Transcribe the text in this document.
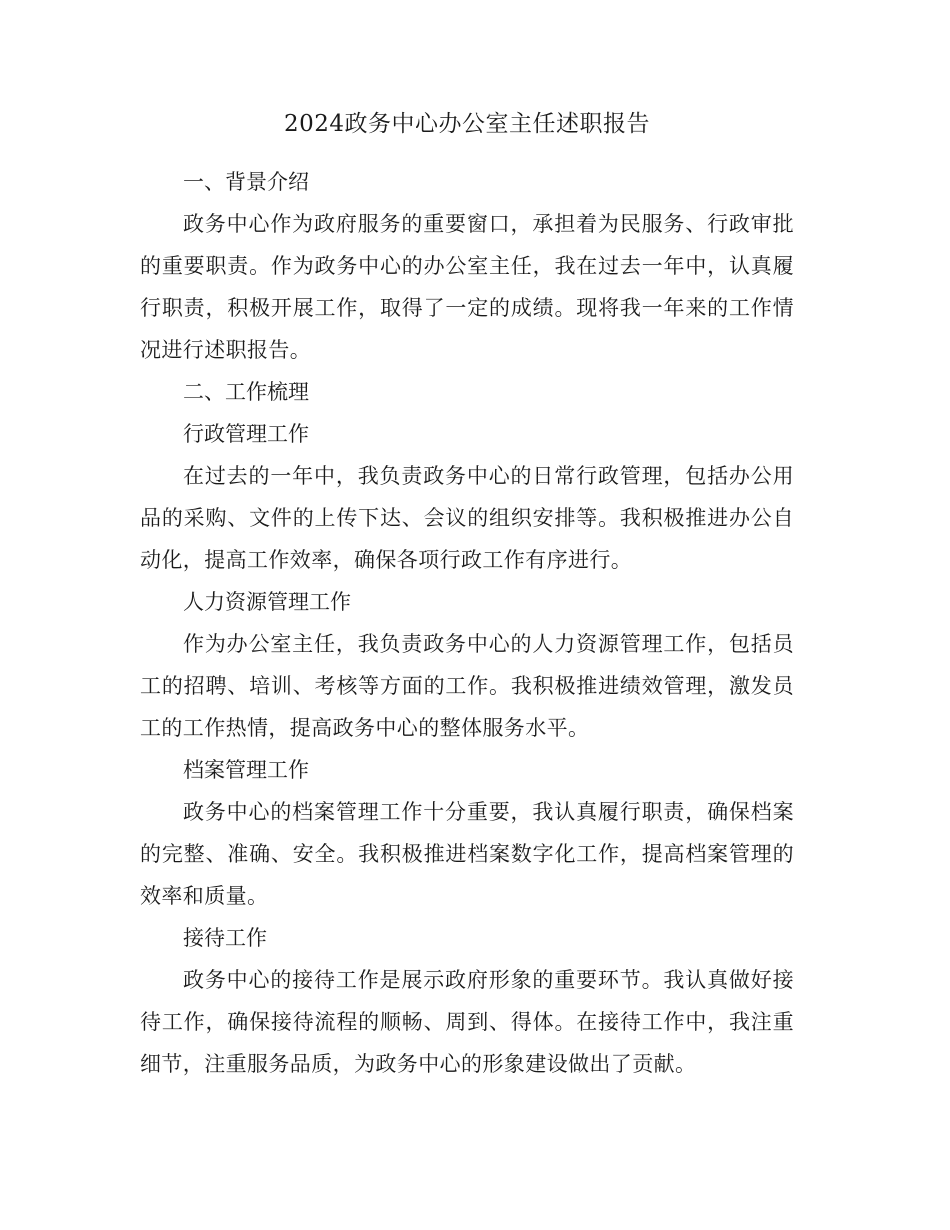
2024政务中心办公室主任述职报告
一、背景介绍

政务中心作为政府服务的重要窗口，承担着为民服务、行政审批的重要职责。作为政务中心的办公室主任，我在过去一年中，认真履行职责，积极开展工作，取得了一定的成绩。现将我一年来的工作情况进行述职报告。

二、工作梳理
行政管理工作

在过去的一年中，我负责政务中心的日常行政管理，包括办公用品的采购、文件的上传下达、会议的组织安排等。我积极推进办公自动化，提高工作效率，确保各项行政工作有序进行。

人力资源管理工作

作为办公室主任，我负责政务中心的人力资源管理工作，包括员工的招聘、培训、考核等方面的工作。我积极推进绩效管理，激发员工的工作热情，提高政务中心的整体服务水平。

档案管理工作

政务中心的档案管理工作十分重要，我认真履行职责，确保档案的完整、准确、安全。我积极推进档案数字化工作，提高档案管理的效率和质量。

接待工作

政务中心的接待工作是展示政府形象的重要环节。我认真做好接待工作，确保接待流程的顺畅、周到、得体。在接待工作中，我注重细节，注重服务品质，为政务中心的形象建设做出了贡献。
